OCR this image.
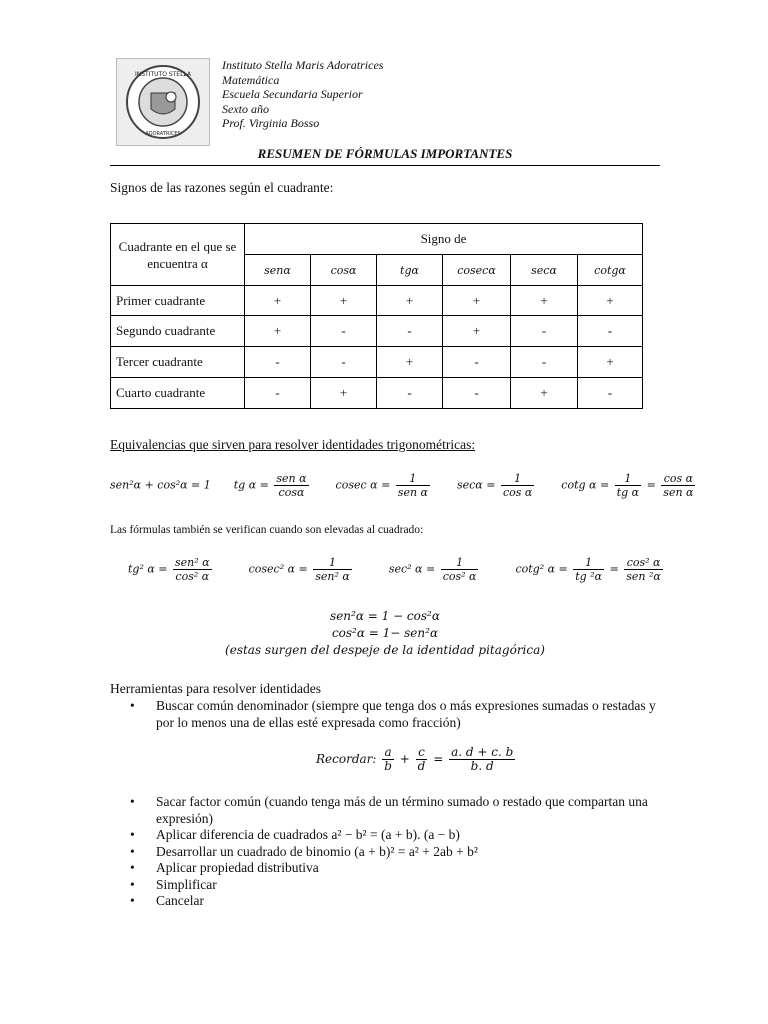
INSTITUTO STELLA
ADORATRICES
Instituto Stella Maris Adoratrices
Matemática
Escuela Secundaria Superior
Sexto año
Prof. Virginia Bosso
RESUMEN DE FÓRMULAS IMPORTANTES
Signos de las razones según el cuadrante:
Cuadrante en el que se encuentra α	Signo de					
	senα	cosα	tgα	cosecα	secα	cotgα
Primer cuadrante	+	+	+	+	+	+
Segundo cuadrante	+	-	-	+	-	-
Tercer cuadrante	-	-	+	-	-	+
Cuarto cuadrante	-	+	-	-	+	-
Equivalencias que sirven para resolver identidades trigonométricas:
sen²α + cos²α = 1 tg $\alpha = \frac{\text{sen α}}{\cos\alpha}$ cosec $\alpha = \frac{1}{\text{sen α}}$ $\sec\alpha = \frac{1}{\text{cos α}}$ cotg $\alpha = \frac{1}{\text{tg α}} = \frac{\text{cos α}}{\text{sen α}}$
Las fórmulas también se verifican cuando son elevadas al cuadrado:
tg² $\alpha = \frac{\text{sen² α}}{\text{cos² α}}$	cosec² $\alpha = \frac{1}{\text{sen² α}}$	sec² $\alpha = \frac{1}{\text{cos² α}}$	cotg² $\alpha = \frac{1}{\text{tg ²α}} = \frac{\text{cos² α}}{\text{sen ²α}}$
sen²α = 1 − cos²α
cos²α = 1− sen²α
(estas surgen del despeje de la identidad pitagórica)
Herramientas para resolver identidades
• Buscar común denominador (siempre que tenga dos o más expresiones sumadas o restadas y por lo menos una de ellas esté expresada como fracción)
Recordar: $\frac{a}{b} + \frac{c}{d} = \frac{a. d + c. b}{b. d}$
• Sacar factor común (cuando tenga más de un término sumado o restado que compartan una expresión)
• Aplicar diferencia de cuadrados a² − b² = (a + b). (a − b)
• Desarrollar un cuadrado de binomio (a + b)² = a² + 2ab + b²
• Aplicar propiedad distributiva
• Simplificar
• Cancelar
